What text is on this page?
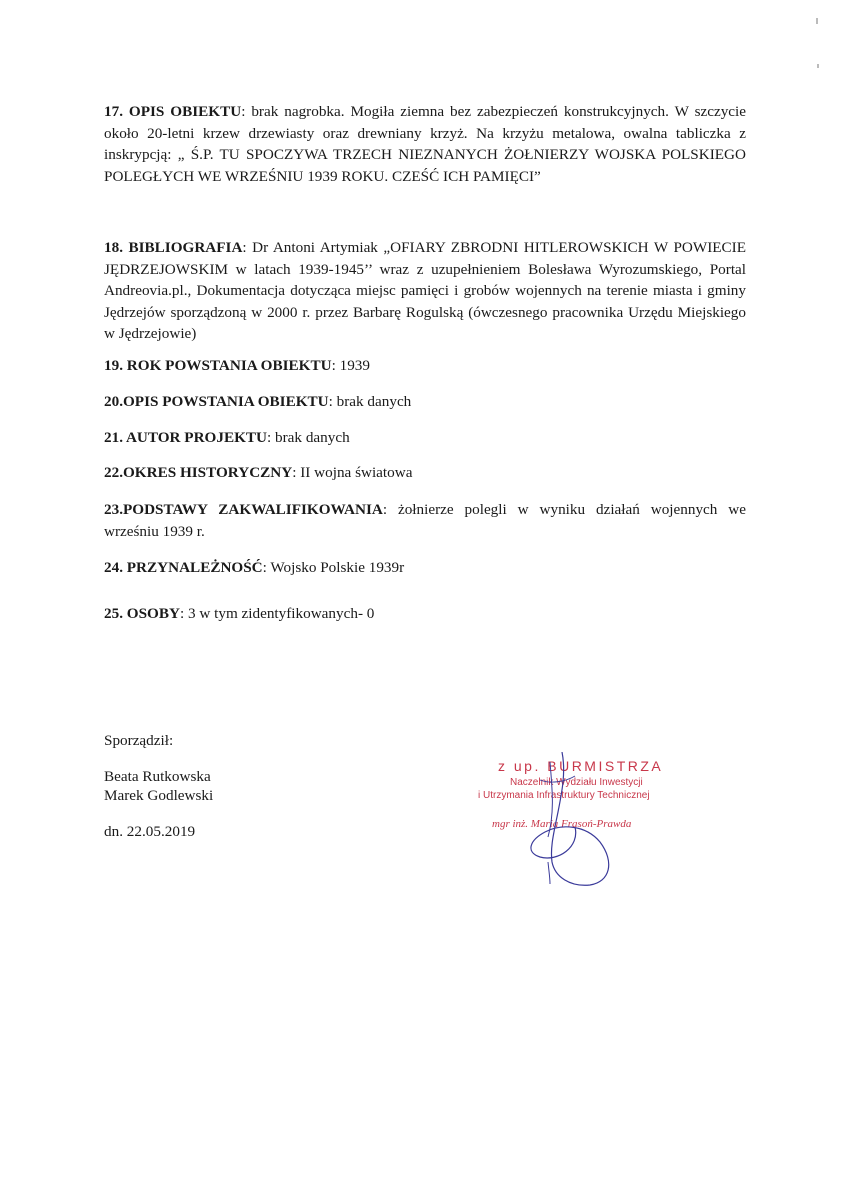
17. OPIS OBIEKTU: brak nagrobka. Mogiła ziemna bez zabezpieczeń konstrukcyjnych. W szczycie około 20-letni krzew drzewiasty oraz drewniany krzyż. Na krzyżu metalowa, owalna tabliczka z inskrypcją: „ Ś.P. TU SPOCZYWA TRZECH NIEZNANYCH ŻOŁNIERZY WOJSKA POLSKIEGO POLEGŁYCH WE WRZEŚNIU 1939 ROKU. CZEŚĆ ICH PAMIĘCI”

18. BIBLIOGRAFIA: Dr Antoni Artymiak „OFIARY ZBRODNI HITLEROWSKICH W POWIECIE JĘDRZEJOWSKIM w latach 1939-1945’’ wraz z uzupełnieniem Bolesława Wyrozumskiego, Portal Andreovia.pl., Dokumentacja dotycząca miejsc pamięci i grobów wojennych na terenie miasta i gminy Jędrzejów sporządzoną w 2000 r. przez Barbarę Rogulską (ówczesnego pracownika Urzędu Miejskiego w Jędrzejowie)

19. ROK POWSTANIA OBIEKTU: 1939

20.OPIS POWSTANIA OBIEKTU: brak danych

21. AUTOR PROJEKTU: brak danych

22.OKRES HISTORYCZNY: II wojna światowa

23.PODSTAWY ZAKWALIFIKOWANIA: żołnierze polegli w wyniku działań wojennych we wrześniu 1939 r.

24. PRZYNALEŻNOŚĆ: Wojsko Polskie 1939r

25. OSOBY: 3 w tym zidentyfikowanych- 0

Sporządził:

Beata Rutkowska

Marek Godlewski

dn. 22.05.2019

z up. BURMISTRZA
Naczelnik Wydziału Inwestycji
i Utrzymania Infrastruktury Technicznej
mgr inż. Maria Frasoń-Prawda
